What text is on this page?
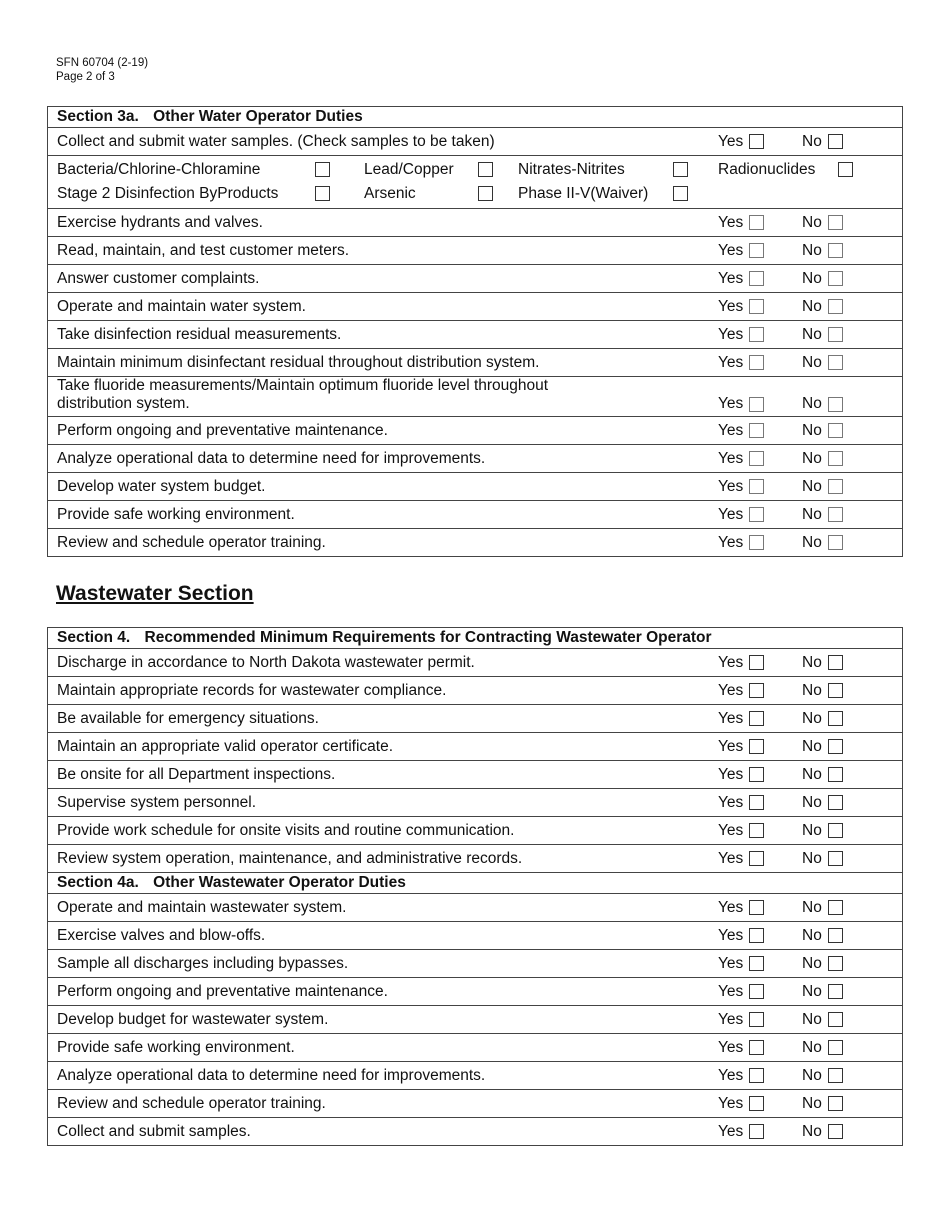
SFN 60704 (2-19)
Page 2 of 3
Section 3a. Other Water Operator Duties

Collect and submit water samples. (Check samples to be taken)	Yes	No

Bacteria/Chlorine-Chloramine	Lead/Copper	Nitrates-Nitrites	Radionuclides
Stage 2 Disinfection ByProducts	Arsenic	Phase II-V(Waiver)

Exercise hydrants and valves.	Yes	No

Read, maintain, and test customer meters.	Yes	No

Answer customer complaints.	Yes	No

Operate and maintain water system.	Yes	No

Take disinfection residual measurements.	Yes	No

Maintain minimum disinfectant residual throughout distribution system.	Yes	No

Take fluoride measurements/Maintain optimum fluoride level throughout
distribution system.	Yes	No

Perform ongoing and preventative maintenance.	Yes	No

Analyze operational data to determine need for improvements.	Yes	No

Develop water system budget.	Yes	No

Provide safe working environment.	Yes	No

Review and schedule operator training.	Yes	No
Wastewater Section
Section 4. Recommended Minimum Requirements for Contracting Wastewater Operator

Discharge in accordance to North Dakota wastewater permit.	Yes	No

Maintain appropriate records for wastewater compliance.	Yes	No

Be available for emergency situations.	Yes	No

Maintain an appropriate valid operator certificate.	Yes	No

Be onsite for all Department inspections.	Yes	No

Supervise system personnel.	Yes	No

Provide work schedule for onsite visits and routine communication.	Yes	No

Review system operation, maintenance, and administrative records.	Yes	No

Section 4a. Other Wastewater Operator Duties

Operate and maintain wastewater system.	Yes	No

Exercise valves and blow-offs.	Yes	No

Sample all discharges including bypasses.	Yes	No

Perform ongoing and preventative maintenance.	Yes	No

Develop budget for wastewater system.	Yes	No

Provide safe working environment.	Yes	No

Analyze operational data to determine need for improvements.	Yes	No

Review and schedule operator training.	Yes	No

Collect and submit samples.	Yes	No
